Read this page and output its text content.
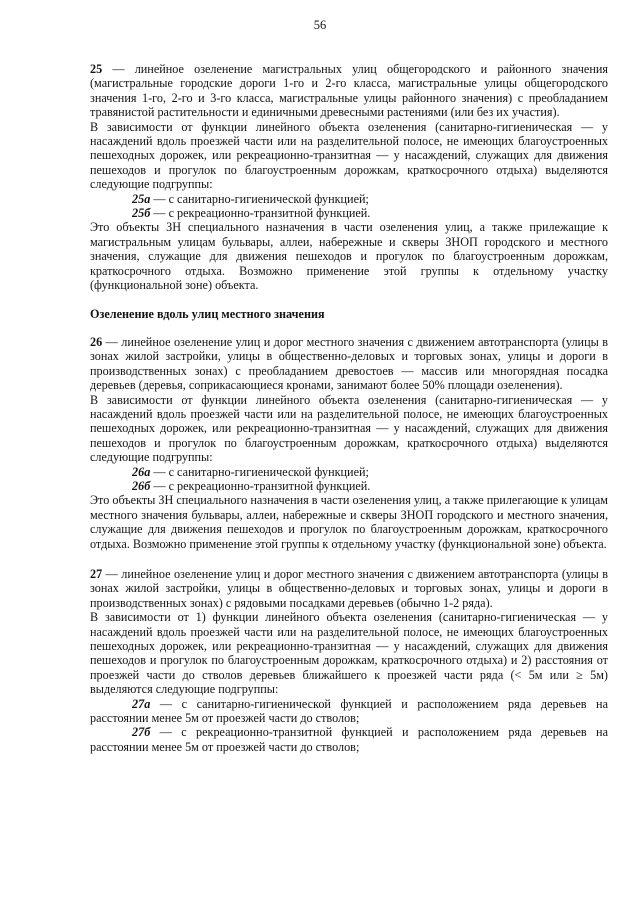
56

25 — линейное озеленение магистральных улиц общегородского и районного значения (магистральные городские дороги 1-го и 2-го класса, магистральные улицы общегородского значения 1-го, 2-го и 3-го класса, магистральные улицы районного значения) с преобладанием травянистой растительности и единичными древесными растениями (или без их участия).

В зависимости от функции линейного объекта озеленения (санитарно-гигиеническая — у насаждений вдоль проезжей части или на разделительной полосе, не имеющих благоустроенных пешеходных дорожек, или рекреационно-транзитная — у насаждений, служащих для движения пешеходов и прогулок по благоустроенным дорожкам, краткосрочного отдыха) выделяются следующие подгруппы:

25а — с санитарно-гигиенической функцией;

25б — с рекреационно-транзитной функцией.

Это объекты ЗН специального назначения в части озеленения улиц, а также прилежащие к магистральным улицам бульвары, аллеи, набережные и скверы ЗНОП городского и местного значения, служащие для движения пешеходов и прогулок по благоустроенным дорожкам, краткосрочного отдыха. Возможно применение этой группы к отдельному участку (функциональной зоне) объекта.

Озеленение вдоль улиц местного значения

26 — линейное озеленение улиц и дорог местного значения с движением автотранспорта (улицы в зонах жилой застройки, улицы в общественно-деловых и торговых зонах, улицы и дороги в производственных зонах) с преобладанием древостоев — массив или многорядная посадка деревьев (деревья, соприкасающиеся кронами, занимают более 50% площади озеленения).

В зависимости от функции линейного объекта озеленения (санитарно-гигиеническая — у насаждений вдоль проезжей части или на разделительной полосе, не имеющих благоустроенных пешеходных дорожек, или рекреационно-транзитная — у насаждений, служащих для движения пешеходов и прогулок по благоустроенным дорожкам, краткосрочного отдыха) выделяются следующие подгруппы:

26а — с санитарно-гигиенической функцией;

26б — с рекреационно-транзитной функцией.

Это объекты ЗН специального назначения в части озеленения улиц, а также прилегающие к улицам местного значения бульвары, аллеи, набережные и скверы ЗНОП городского и местного значения, служащие для движения пешеходов и прогулок по благоустроенным дорожкам, краткосрочного отдыха. Возможно применение этой группы к отдельному участку (функциональной зоне) объекта.

27 — линейное озеленение улиц и дорог местного значения с движением автотранспорта (улицы в зонах жилой застройки, улицы в общественно-деловых и торговых зонах, улицы и дороги в производственных зонах) с рядовыми посадками деревьев (обычно 1-2 ряда).

В зависимости от 1) функции линейного объекта озеленения (санитарно-гигиеническая — у насаждений вдоль проезжей части или на разделительной полосе, не имеющих благоустроенных пешеходных дорожек, или рекреационно-транзитная — у насаждений, служащих для движения пешеходов и прогулок по благоустроенным дорожкам, краткосрочного отдыха) и 2) расстояния от проезжей части до стволов деревьев ближайшего к проезжей части ряда (< 5м или ≥ 5м) выделяются следующие подгруппы:

27а — с санитарно-гигиенической функцией и расположением ряда деревьев на расстоянии менее 5м от проезжей части до стволов;

27б — с рекреационно-транзитной функцией и расположением ряда деревьев на расстоянии менее 5м от проезжей части до стволов;
